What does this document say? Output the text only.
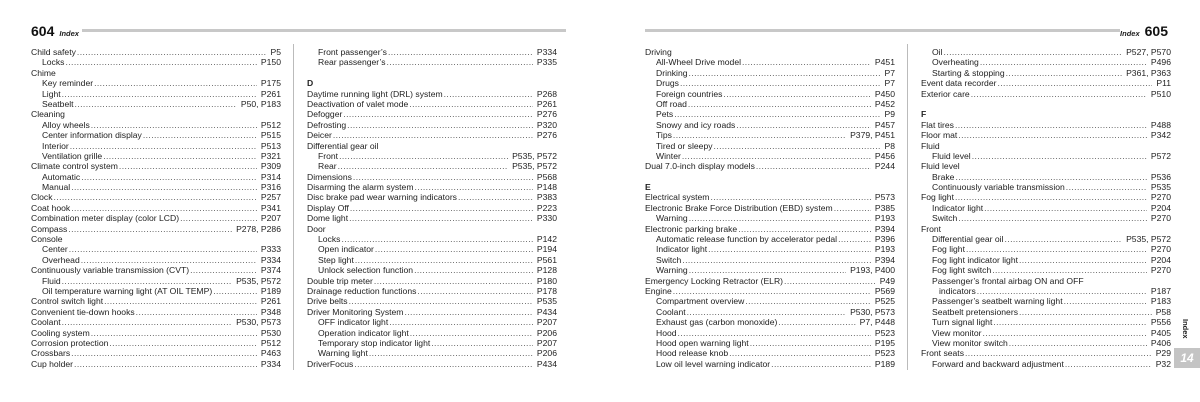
604 Index	Index 605
Child safety .....	P5
Locks .....	P150
Chime
Key reminder .....	P175
Light .....	P261
Seatbelt .....	P50, P183
Cleaning
Alloy wheels .....	P512
Center information display .....	P515
Interior .....	P513
Ventilation grille .....	P321
Climate control system .....	P309
Automatic .....	P314
Manual .....	P316
Clock .....	P257
Coat hook .....	P341
Combination meter display (color LCD) .....	P207
Compass .....	P278, P286
Console
Center .....	P333
Overhead .....	P334
Continuously variable transmission (CVT) .....	P374
Fluid .....	P535, P572
Oil temperature warning light (AT OIL TEMP) .....	P189
Control switch light .....	P261
Convenient tie-down hooks .....	P348
Coolant .....	P530, P573
Cooling system .....	P530
Corrosion protection .....	P512
Crossbars .....	P463
Cup holder .....	P334
Front passenger’s .....	P334
Rear passenger’s .....	P335
D
Daytime running light (DRL) system .....	P268
Deactivation of valet mode .....	P261
Defogger .....	P276
Defrosting .....	P320
Deicer .....	P276
Differential gear oil
Front .....	P535, P572
Rear .....	P535, P572
Dimensions .....	P568
Disarming the alarm system .....	P148
Disc brake pad wear warning indicators .....	P383
Display Off .....	P223
Dome light .....	P330
Door
Locks .....	P142
Open indicator .....	P194
Step light .....	P561
Unlock selection function .....	P128
Double trip meter .....	P180
Drainage reduction functions .....	P178
Drive belts .....	P535
Driver Monitoring System .....	P434
OFF indicator light .....	P207
Operation indicator light .....	P206
Temporary stop indicator light .....	P207
Warning light .....	P206
DriverFocus .....	P434
Driving
All-Wheel Drive model .....	P451
Drinking .....	P7
Drugs .....	P7
Foreign countries .....	P450
Off road .....	P452
Pets .....	P9
Snowy and icy roads .....	P457
Tips .....	P379, P451
Tired or sleepy .....	P8
Winter .....	P456
Dual 7.0-inch display models .....	P244
E
Electrical system .....	P573
Electronic Brake Force Distribution (EBD) system .....	P385
Warning .....	P193
Electronic parking brake .....	P394
Automatic release function by accelerator pedal .....	P396
Indicator light .....	P193
Switch .....	P394
Warning .....	P193, P400
Emergency Locking Retractor (ELR) .....	P49
Engine .....	P569
Compartment overview .....	P525
Coolant .....	P530, P573
Exhaust gas (carbon monoxide) .....	P7, P448
Hood .....	P523
Hood open warning light .....	P195
Hood release knob .....	P523
Low oil level warning indicator .....	P189
Oil .....	P527, P570
Overheating .....	P496
Starting & stopping .....	P361, P363
Event data recorder .....	P11
Exterior care .....	P510
F
Flat tires .....	P488
Floor mat .....	P342
Fluid
Fluid level .....	P572
Fluid level
Brake .....	P536
Continuously variable transmission .....	P535
Fog light .....	P270
Indicator light .....	P204
Switch .....	P270
Front
Differential gear oil .....	P535, P572
Fog light .....	P270
Fog light indicator light .....	P204
Fog light switch .....	P270
Passenger’s frontal airbag ON and OFF
indicators .....	P187
Passenger’s seatbelt warning light .....	P183
Seatbelt pretensioners .....	P58
Turn signal light .....	P556
View monitor .....	P405
View monitor switch .....	P406
Front seats .....	P29
Forward and backward adjustment .....	P32
Index
14
